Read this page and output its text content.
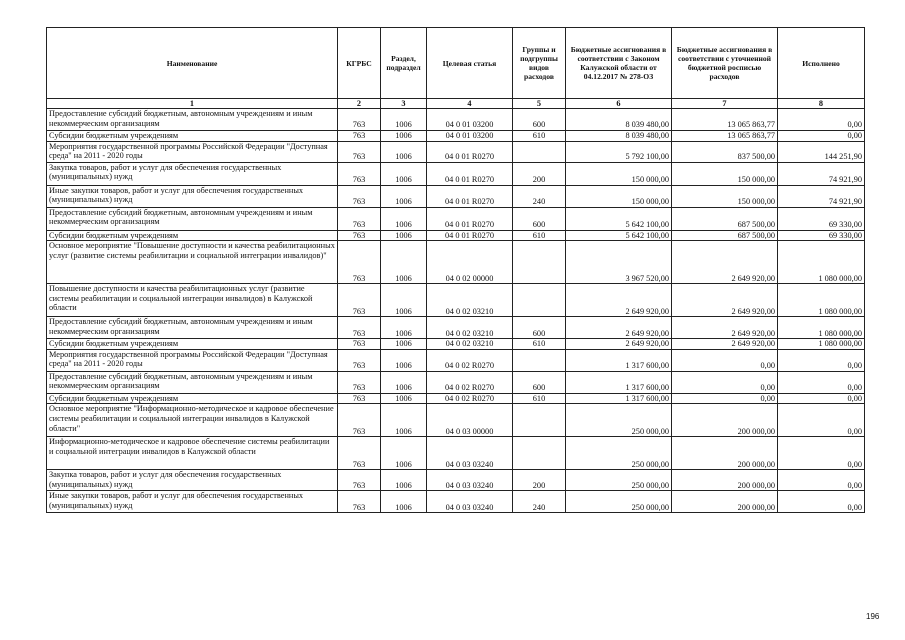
Наименование	КГРБС	Раздел, подраздел	Целевая статья	Группы и подгруппы видов расходов	Бюджетные ассигнования в соответствии с Законом Калужской области от 04.12.2017 № 278-ОЗ	Бюджетные ассигнования в соответствии с уточненной бюджетной росписью расходов	Исполнено
1	2	3	4	5	6	7	8
Предоставление субсидий бюджетным, автономным учреждениям и иным некоммерческим организациям	763	1006	04 0 01 03200	600	8 039 480,00	13 065 863,77	0,00
Субсидии бюджетным учреждениям	763	1006	04 0 01 03200	610	8 039 480,00	13 065 863,77	0,00
Мероприятия государственной программы Российской Федерации "Доступная среда" на 2011 - 2020 годы	763	1006	04 0 01 R0270		5 792 100,00	837 500,00	144 251,90
Закупка товаров, работ и услуг для обеспечения государственных (муниципальных) нужд	763	1006	04 0 01 R0270	200	150 000,00	150 000,00	74 921,90
Иные закупки товаров, работ и услуг для обеспечения государственных (муниципальных) нужд	763	1006	04 0 01 R0270	240	150 000,00	150 000,00	74 921,90
Предоставление субсидий бюджетным, автономным учреждениям и иным некоммерческим организациям	763	1006	04 0 01 R0270	600	5 642 100,00	687 500,00	69 330,00
Субсидии бюджетным учреждениям	763	1006	04 0 01 R0270	610	5 642 100,00	687 500,00	69 330,00
Основное мероприятие "Повышение доступности и качества реабилитационных услуг (развитие системы реабилитации и социальной интеграции инвалидов)"	763	1006	04 0 02 00000		3 967 520,00	2 649 920,00	1 080 000,00
Повышение доступности и качества реабилитационных услуг (развитие системы реабилитации и социальной интеграции инвалидов) в Калужской области	763	1006	04 0 02 03210		2 649 920,00	2 649 920,00	1 080 000,00
Предоставление субсидий бюджетным, автономным учреждениям и иным некоммерческим организациям	763	1006	04 0 02 03210	600	2 649 920,00	2 649 920,00	1 080 000,00
Субсидии бюджетным учреждениям	763	1006	04 0 02 03210	610	2 649 920,00	2 649 920,00	1 080 000,00
Мероприятия государственной программы Российской Федерации "Доступная среда" на 2011 - 2020 годы	763	1006	04 0 02 R0270		1 317 600,00	0,00	0,00
Предоставление субсидий бюджетным, автономным учреждениям и иным некоммерческим организациям	763	1006	04 0 02 R0270	600	1 317 600,00	0,00	0,00
Субсидии бюджетным учреждениям	763	1006	04 0 02 R0270	610	1 317 600,00	0,00	0,00
Основное мероприятие "Информационно-методическое и кадровое обеспечение системы реабилитации и социальной интеграции инвалидов в Калужской области"	763	1006	04 0 03 00000		250 000,00	200 000,00	0,00
Информационно-методическое и кадровое обеспечение системы реабилитации и социальной интеграции инвалидов в Калужской области	763	1006	04 0 03 03240		250 000,00	200 000,00	0,00
Закупка товаров, работ и услуг для обеспечения государственных (муниципальных) нужд	763	1006	04 0 03 03240	200	250 000,00	200 000,00	0,00
Иные закупки товаров, работ и услуг для обеспечения государственных (муниципальных) нужд	763	1006	04 0 03 03240	240	250 000,00	200 000,00	0,00
196
